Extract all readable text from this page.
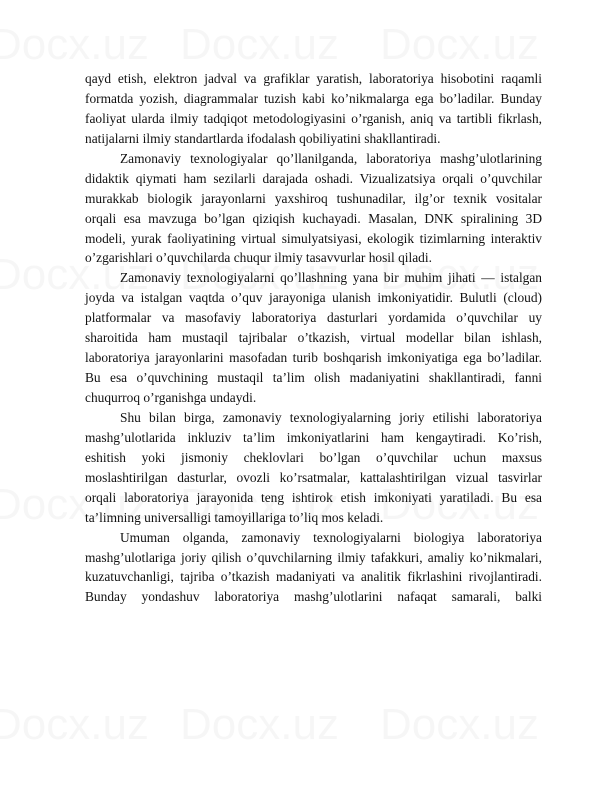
qayd etish, elektron jadval va grafiklar yaratish, laboratoriya hisobotini raqamli
formatda yozish, diagrammalar tuzish kabi ko’nikmalarga ega bo’ladilar. Bunday
faoliyat ularda ilmiy tadqiqot metodologiyasini o’rganish, aniq va tartibli fikrlash,
natijalarni ilmiy standartlarda ifodalash qobiliyatini shakllantiradi.
Zamonaviy texnologiyalar qo’llanilganda, laboratoriya mashg’ulotlarining
didaktik qiymati ham sezilarli darajada oshadi. Vizualizatsiya orqali o’quvchilar
murakkab biologik jarayonlarni yaxshiroq tushunadilar, ilg’or texnik vositalar
orqali esa mavzuga bo’lgan qiziqish kuchayadi. Masalan, DNK spiralining 3D
modeli, yurak faoliyatining virtual simulyatsiyasi, ekologik tizimlarning interaktiv
o’zgarishlari o’quvchilarda chuqur ilmiy tasavvurlar hosil qiladi.
Zamonaviy texnologiyalarni qo’llashning yana bir muhim jihati — istalgan
joyda va istalgan vaqtda o’quv jarayoniga ulanish imkoniyatidir. Bulutli (cloud)
platformalar va masofaviy laboratoriya dasturlari yordamida o’quvchilar uy
sharoitida ham mustaqil tajribalar o’tkazish, virtual modellar bilan ishlash,
laboratoriya jarayonlarini masofadan turib boshqarish imkoniyatiga ega bo’ladilar.
Bu esa o’quvchining mustaqil ta’lim olish madaniyatini shakllantiradi, fanni
chuqurroq o’rganishga undaydi.
Shu bilan birga, zamonaviy texnologiyalarning joriy etilishi laboratoriya
mashg’ulotlarida inkluziv ta’lim imkoniyatlarini ham kengaytiradi. Ko’rish,
eshitish yoki jismoniy cheklovlari bo’lgan o’quvchilar uchun maxsus
moslashtirilgan dasturlar, ovozli ko’rsatmalar, kattalashtirilgan vizual tasvirlar
orqali laboratoriya jarayonida teng ishtirok etish imkoniyati yaratiladi. Bu esa
ta’limning universalligi tamoyillariga to’liq mos keladi.
Umuman olganda, zamonaviy texnologiyalarni biologiya laboratoriya
mashg’ulotlariga joriy qilish o’quvchilarning ilmiy tafakkuri, amaliy ko’nikmalari,
kuzatuvchanligi, tajriba o’tkazish madaniyati va analitik fikrlashini rivojlantiradi.
Bunday yondashuv laboratoriya mashg’ulotlarini nafaqat samarali, balki
